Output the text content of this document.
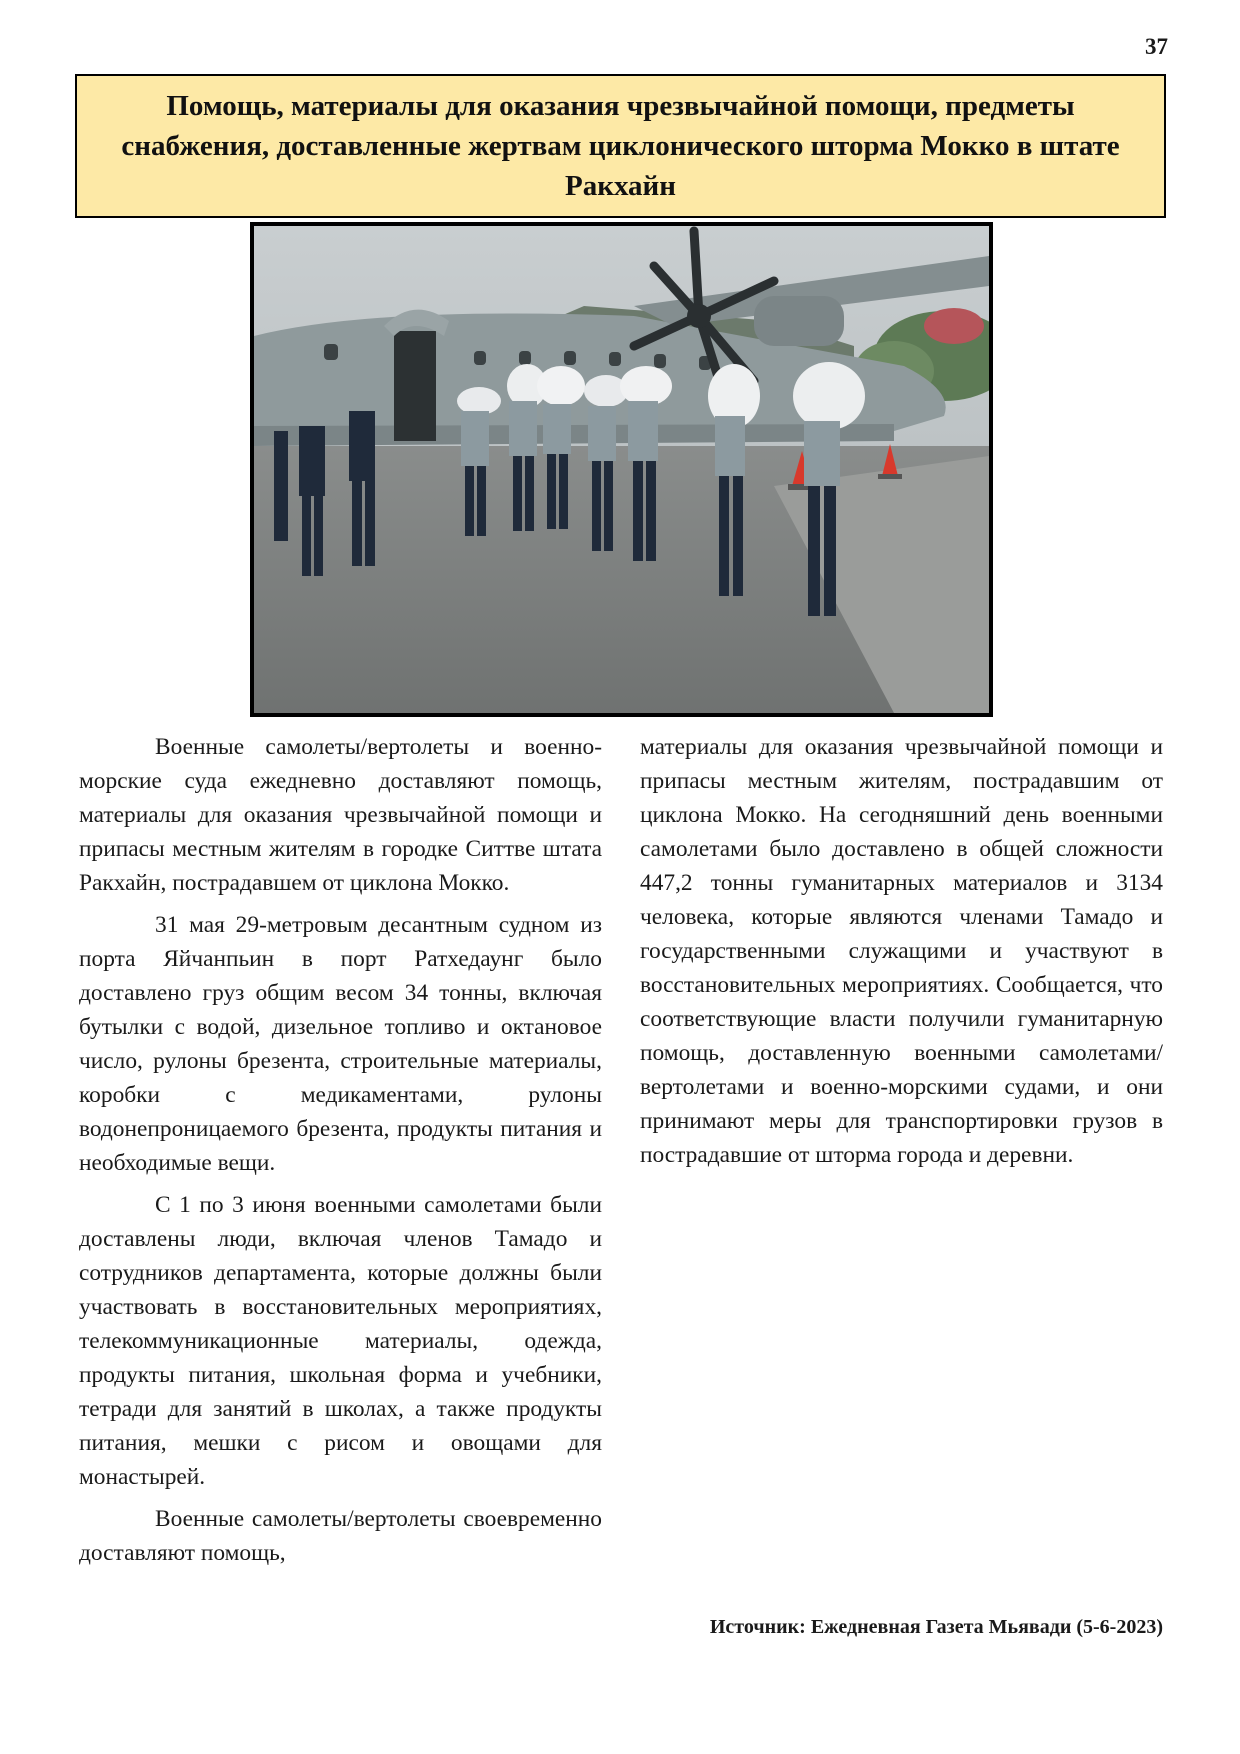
37
Помощь, материалы для оказания чрезвычайной помощи, предметы снабжения, доставленные жертвам циклонического шторма Мокко в штате Ракхайн

Военные самолеты/вертолеты и военно-морские суда ежедневно доставляют помощь, материалы для оказания чрезвычайной помощи и припасы местным жителям в городке Ситтве штата Ракхайн, пострадавшем от циклона Мокко.

31 мая 29-метровым десантным судном из порта Яйчанпьин в порт Ратхедаунг было доставлено груз общим весом 34 тонны, включая бутылки с водой, дизельное топливо и октановое число, рулоны брезента, строительные материалы, коробки с медикаментами, рулоны водонепроницаемого брезента, продукты питания и необходимые вещи.

С 1 по 3 июня военными самолетами были доставлены люди, включая членов Тамадо и сотрудников департамента, которые должны были участвовать в восстановительных мероприятиях, телекоммуникационные материалы, одежда, продукты питания, школьная форма и учебники, тетради для занятий в школах, а также продукты питания, мешки с рисом и овощами для монастырей.

Военные самолеты/вертолеты своевременно доставляют помощь,

материалы для оказания чрезвычайной помощи и припасы местным жителям, пострадавшим от циклона Мокко. На сегодняшний день военными самолетами было доставлено в общей сложности 447,2 тонны гуманитарных материалов и 3134 человека, которые являются членами Тамадо и государственными служащими и участвуют в восстановительных мероприятиях. Сообщается, что соответствующие власти получили гуманитарную помощь, доставленную военными самолетами/вертолетами и военно-морскими судами, и они принимают меры для транспортировки грузов в пострадавшие от шторма города и деревни.

Источник: Ежедневная Газета Мьявади (5-6-2023)
